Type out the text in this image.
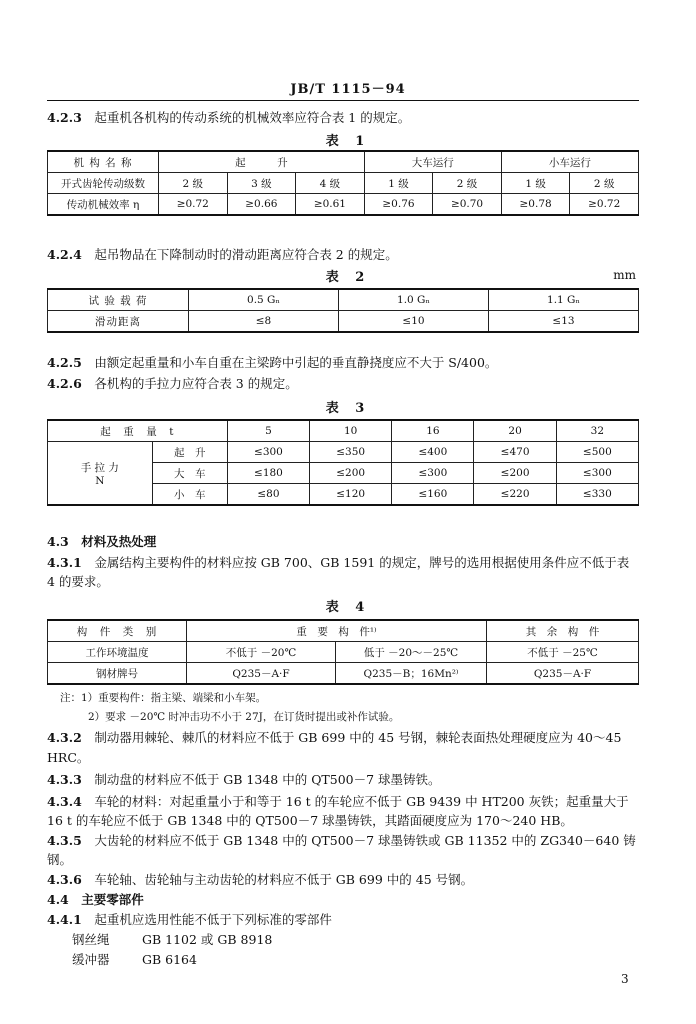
JB/T 1115－94
4.2.3　 起重机各机构的传动系统的机械效率应符合表 1 的规定。
表 1
机 构 名 称	起　　　升			大车运行		小车运行	
开式齿轮传动级数	2 级	3 级	4 级	1 级	2 级	1 级	2 级
传动机械效率 η	≥0.72	≥0.66	≥0.61	≥0.76	≥0.70	≥0.78	≥0.72
4.2.4　 起吊物品在下降制动时的滑动距离应符合表 2 的规定。
表 2	mm
试 验 载 荷	0.5 Gₙ	1.0 Gₙ	1.1 Gₙ
滑动距离	≤8	≤10	≤13
4.2.5　 由额定起重量和小车自重在主梁跨中引起的垂直静挠度应不大于 S/400。
4.2.6　 各机构的手拉力应符合表 3 的规定。
表 3
起　重　量　t		5	10	16	20	32

手 拉 力
N	起　升	≤300	≤350	≤400	≤470	≤500
	大　车	≤180	≤200	≤300	≤200	≤300
	小　车	≤80	≤120	≤160	≤220	≤330
4.3　 材料及热处理
4.3.1　 金属结构主要构件的材料应按 GB 700、GB 1591 的规定，牌号的选用根据使用条件应不低于表
4 的要求。
表 4
构　件　类　别	重　要　构　件¹⁾		其　余　构　件
工作环境温度	不低于 －20℃	低于 －20～－25℃	不低于 －25℃
钢材牌号	Q235－A·F	Q235－B；16Mn²⁾	Q235－A·F
注：1）重要构件：指主梁、端梁和小车架。
2）要求 －20℃ 时冲击功不小于 27J，在订货时提出或补作试验。
4.3.2　 制动器用棘轮、棘爪的材料应不低于 GB 699 中的 45 号钢，棘轮表面热处理硬度应为 40～45
HRC。
4.3.3　 制动盘的材料应不低于 GB 1348 中的 QT500－7 球墨铸铁。
4.3.4　 车轮的材料：对起重量小于和等于 16 t 的车轮应不低于 GB 9439 中 HT200 灰铁；起重量大于
16 t 的车轮应不低于 GB 1348 中的 QT500－7 球墨铸铁，其踏面硬度应为 170～240 HB。
4.3.5　 大齿轮的材料应不低于 GB 1348 中的 QT500－7 球墨铸铁或 GB 11352 中的 ZG340－640 铸
钢。
4.3.6　 车轮轴、齿轮轴与主动齿轮的材料应不低于 GB 699 中的 45 号钢。
4.4　 主要零部件
4.4.1　 起重机应选用性能不低于下列标准的零部件
钢丝绳	GB 1102 或 GB 8918
缓冲器	GB 6164
3
